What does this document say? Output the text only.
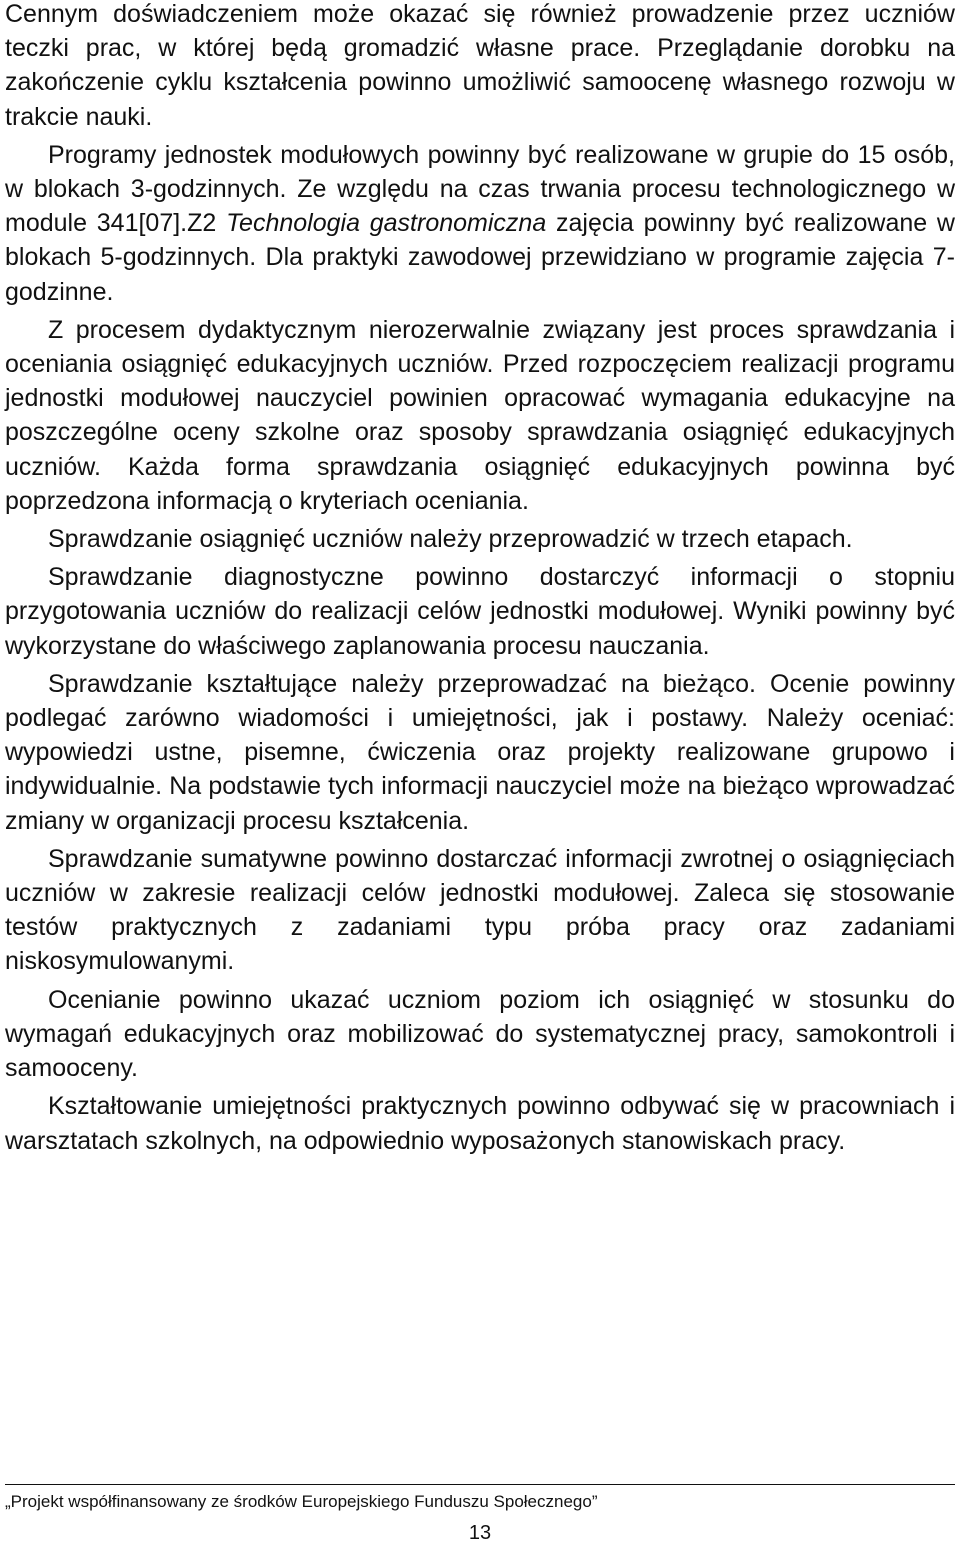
Cennym doświadczeniem może okazać się również prowadzenie przez uczniów teczki prac, w której będą gromadzić własne prace. Przeglądanie dorobku na zakończenie cyklu kształcenia powinno umożliwić samoocenę własnego rozwoju w trakcie nauki.

Programy jednostek modułowych powinny być realizowane w grupie do 15 osób, w blokach 3-godzinnych. Ze względu na czas trwania procesu technologicznego w module 341[07].Z2 Technologia gastronomiczna zajęcia powinny być realizowane w blokach 5-godzinnych. Dla praktyki zawodowej przewidziano w programie zajęcia 7-godzinne.

Z procesem dydaktycznym nierozerwalnie związany jest proces sprawdzania i oceniania osiągnięć edukacyjnych uczniów. Przed rozpoczęciem realizacji programu jednostki modułowej nauczyciel powinien opracować wymagania edukacyjne na poszczególne oceny szkolne oraz sposoby sprawdzania osiągnięć edukacyjnych uczniów. Każda forma sprawdzania osiągnięć edukacyjnych powinna być poprzedzona informacją o kryteriach oceniania.

Sprawdzanie osiągnięć uczniów należy przeprowadzić w trzech etapach.

Sprawdzanie diagnostyczne powinno dostarczyć informacji o stopniu przygotowania uczniów do realizacji celów jednostki modułowej. Wyniki powinny być wykorzystane do właściwego zaplanowania procesu nauczania.

Sprawdzanie kształtujące należy przeprowadzać na bieżąco. Ocenie powinny podlegać zarówno wiadomości i umiejętności, jak i postawy. Należy oceniać: wypowiedzi ustne, pisemne, ćwiczenia oraz projekty realizowane grupowo i indywidualnie. Na podstawie tych informacji nauczyciel może na bieżąco wprowadzać zmiany w organizacji procesu kształcenia.

Sprawdzanie sumatywne powinno dostarczać informacji zwrotnej o osiągnięciach uczniów w zakresie realizacji celów jednostki modułowej. Zaleca się stosowanie testów praktycznych z zadaniami typu próba pracy oraz zadaniami niskosymulowanymi.

Ocenianie powinno ukazać uczniom poziom ich osiągnięć w stosunku do wymagań edukacyjnych oraz mobilizować do systematycznej pracy, samokontroli i samooceny.

Kształtowanie umiejętności praktycznych powinno odbywać się w pracowniach i warsztatach szkolnych, na odpowiednio wyposażonych stanowiskach pracy.

„Projekt współfinansowany ze środków Europejskiego Funduszu Społecznego”
13
